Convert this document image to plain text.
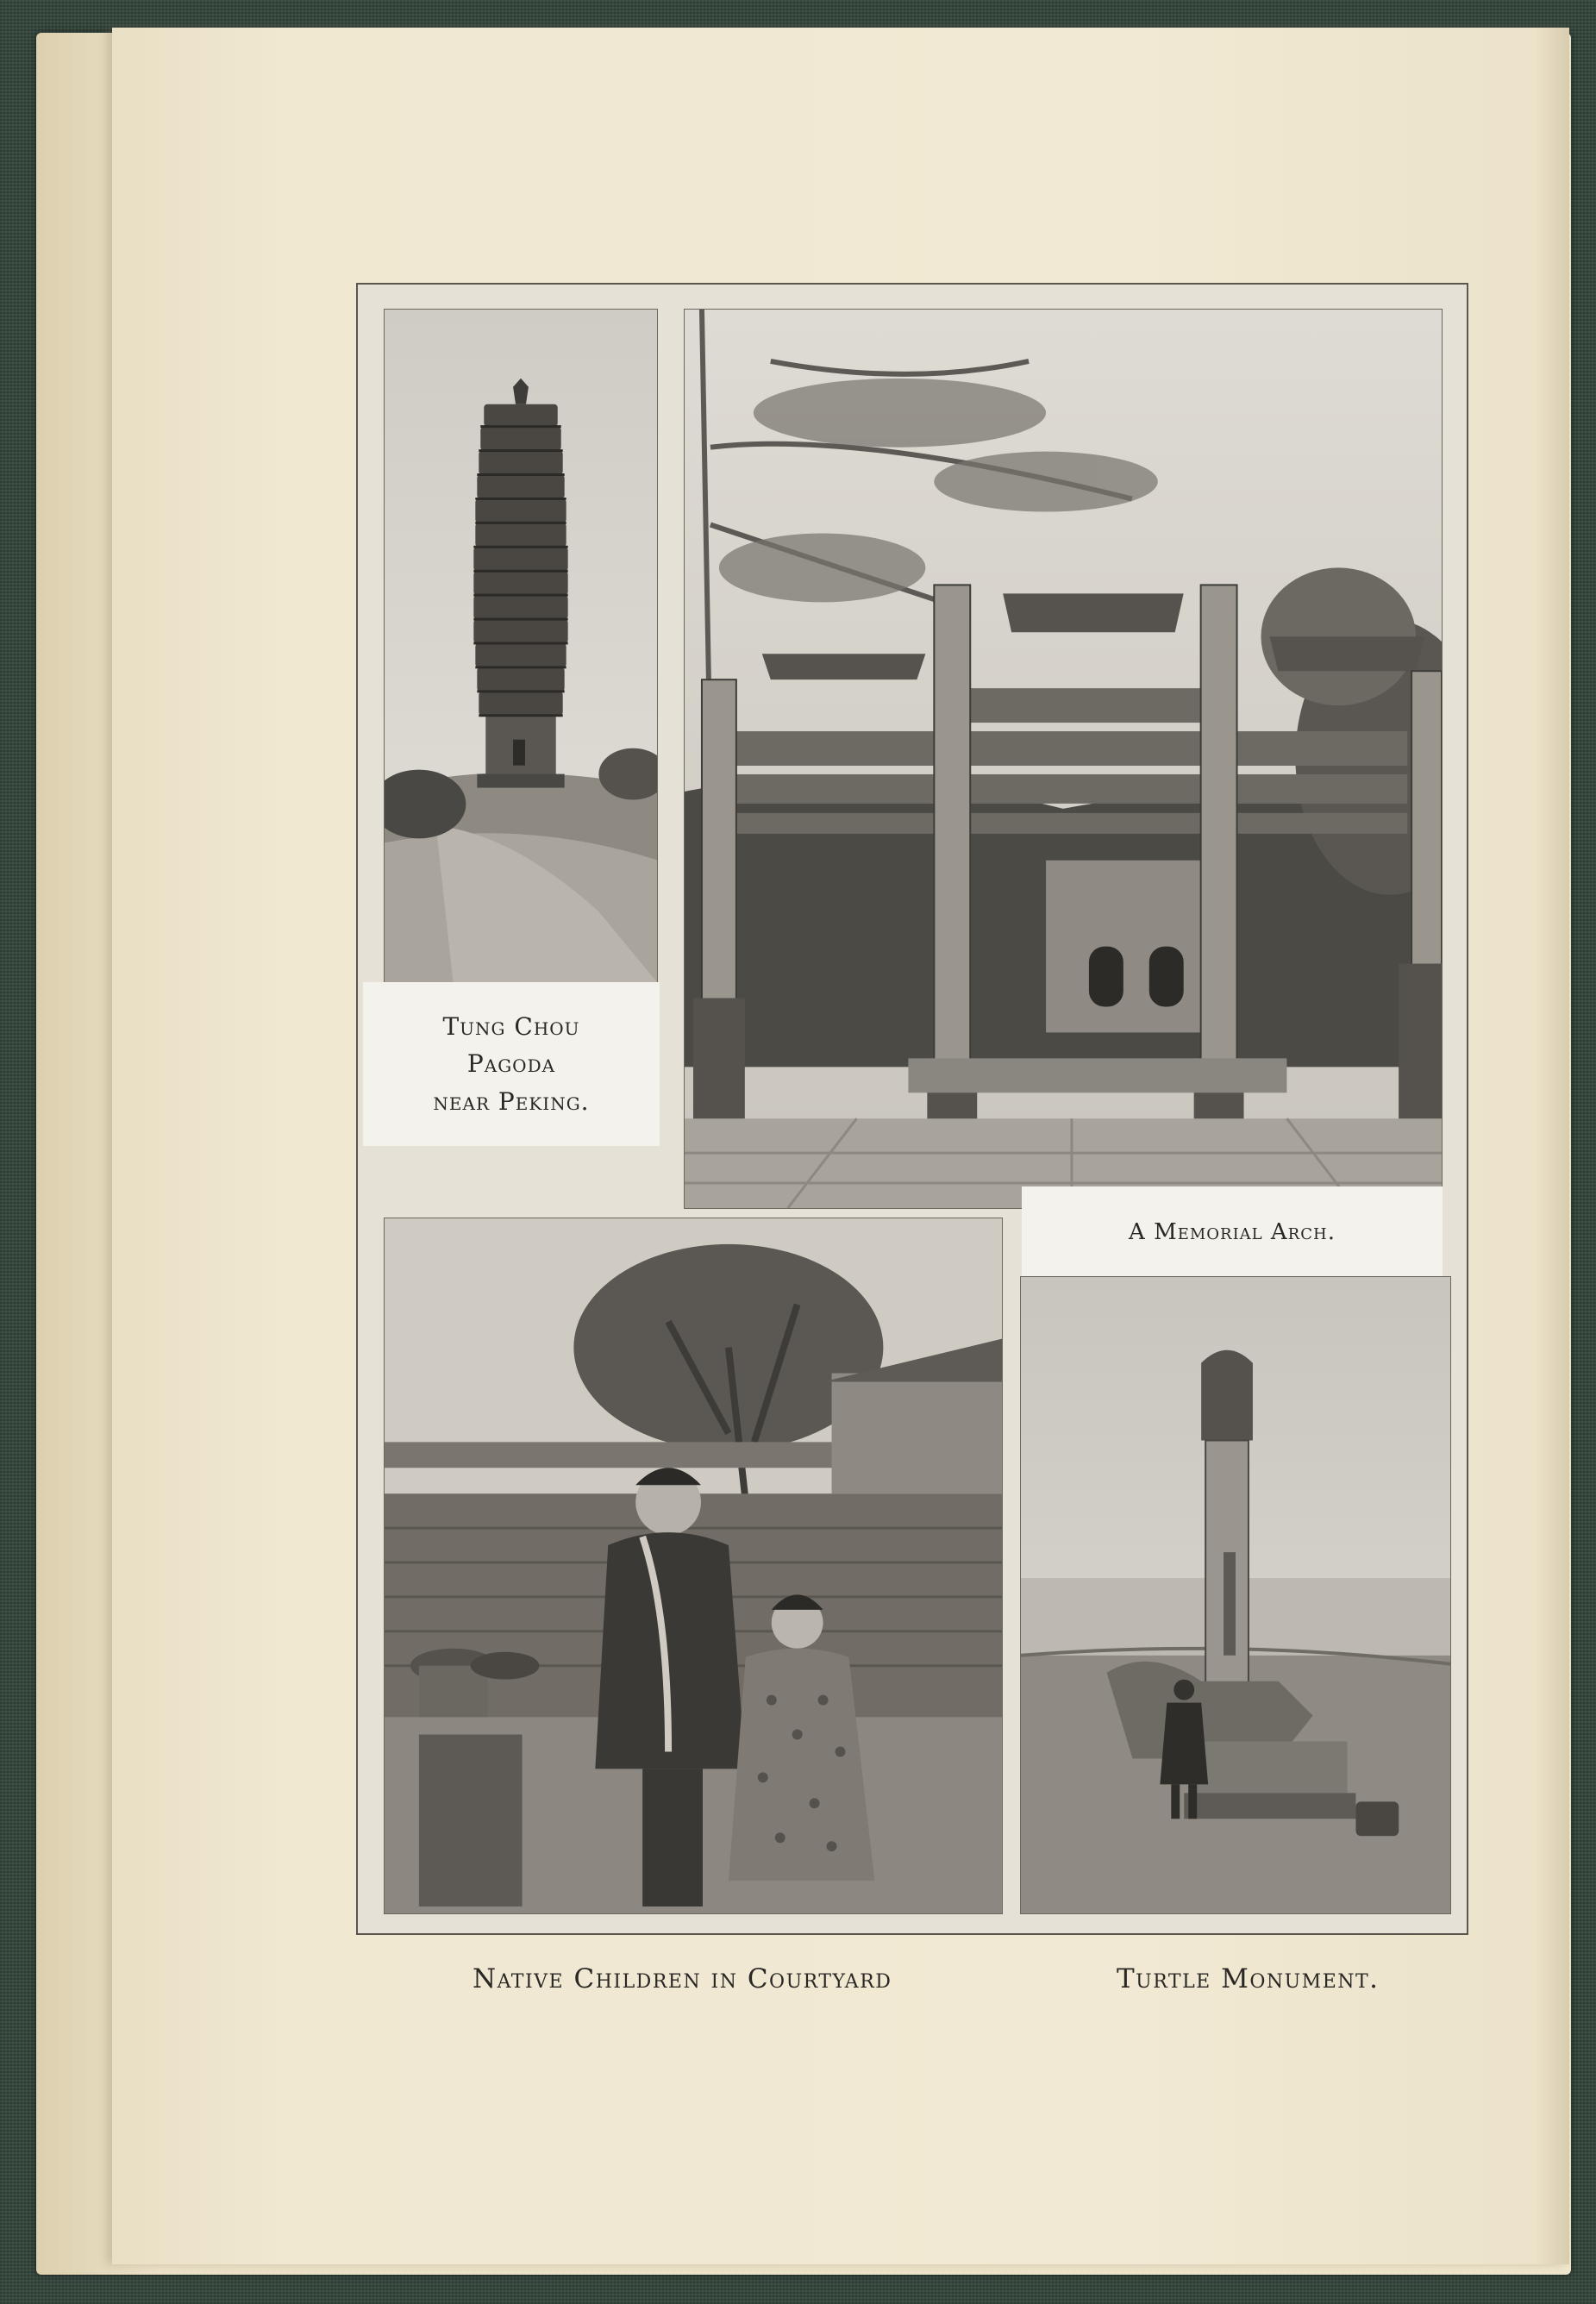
Tung Chou
Pagoda
near Peking.
A Memorial Arch.
Native Children in Courtyard	Turtle Monument.
